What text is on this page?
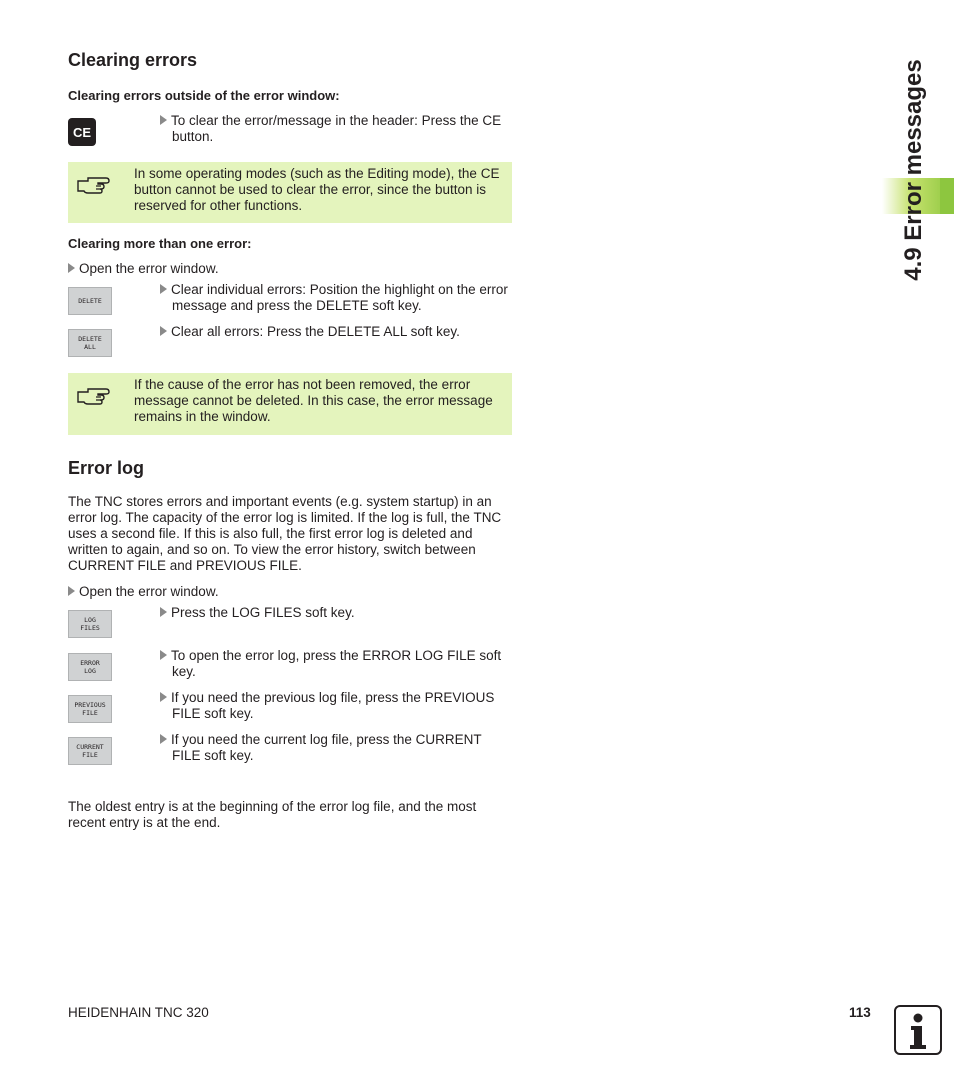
4.9 Error messages
Clearing errors
Clearing errors outside of the error window:
CE
To clear the error/message in the header: Press the CE button.
In some operating modes (such as the Editing mode), the CE button cannot be used to clear the error, since the button is reserved for other functions.
Clearing more than one error:
Open the error window.
DELETE
Clear individual errors: Position the highlight on the error message and press the DELETE soft key.
DELETE
ALL
Clear all errors: Press the DELETE ALL soft key.
If the cause of the error has not been removed, the error message cannot be deleted. In this case, the error message remains in the window.
Error log
The TNC stores errors and important events (e.g. system startup) in an error log. The capacity of the error log is limited. If the log is full, the TNC uses a second file. If this is also full, the first error log is deleted and written to again, and so on. To view the error history, switch between CURRENT FILE and PREVIOUS FILE.
Open the error window.
LOG
FILES
Press the LOG FILES soft key.
ERROR
LOG
To open the error log, press the ERROR LOG FILE soft key.
PREVIOUS
FILE
If you need the previous log file, press the PREVIOUS FILE soft key.
CURRENT
FILE
If you need the current log file, press the CURRENT FILE soft key.
The oldest entry is at the beginning of the error log file, and the most recent entry is at the end.
HEIDENHAIN TNC 320	113
